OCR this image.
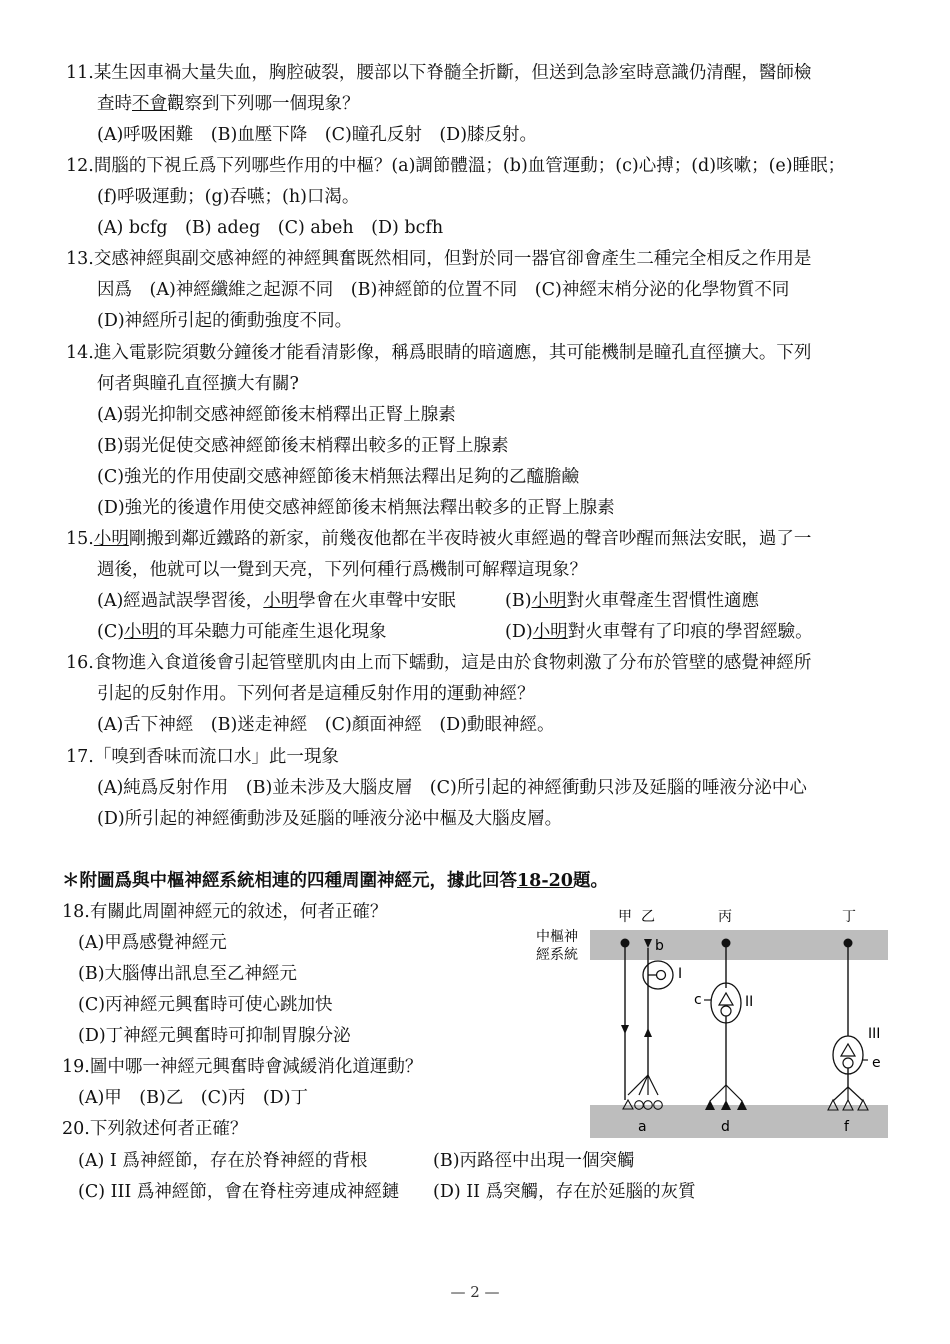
11.某生因車禍大量失血，胸腔破裂，腰部以下脊髓全折斷，但送到急診室時意識仍清醒，醫師檢
查時不會觀察到下列哪一個現象？
(A)呼吸困難　(B)血壓下降　(C)瞳孔反射　(D)膝反射。
12.間腦的下視丘爲下列哪些作用的中樞？(a)調節體溫；(b)血管運動；(c)心搏；(d)咳嗽；(e)睡眠；
(f)呼吸運動；(g)吞嚥；(h)口渴。
(A) bcfg　(B) adeg　(C) abeh　(D) bcfh
13.交感神經與副交感神經的神經興奮既然相同，但對於同一器官卻會產生二種完全相反之作用是
因爲　(A)神經纖維之起源不同　(B)神經節的位置不同　(C)神經末梢分泌的化學物質不同
(D)神經所引起的衝動強度不同。
14.進入電影院須數分鐘後才能看清影像，稱爲眼睛的暗適應，其可能機制是瞳孔直徑擴大。下列
何者與瞳孔直徑擴大有關?
(A)弱光抑制交感神經節後末梢釋出正腎上腺素
(B)弱光促使交感神經節後末梢釋出較多的正腎上腺素
(C)強光的作用使副交感神經節後末梢無法釋出足夠的乙醯膽鹼
(D)強光的後遺作用使交感神經節後末梢無法釋出較多的正腎上腺素
15.小明剛搬到鄰近鐵路的新家，前幾夜他都在半夜時被火車經過的聲音吵醒而無法安眠，過了一
週後，他就可以一覺到天亮，下列何種行爲機制可解釋這現象？
(A)經過試誤學習後，小明學會在火車聲中安眠	(B)小明對火車聲產生習慣性適應
(C)小明的耳朵聽力可能產生退化現象	(D)小明對火車聲有了印痕的學習經驗。
16.食物進入食道後會引起管壁肌肉由上而下蠕動，這是由於食物刺激了分布於管壁的感覺神經所
引起的反射作用。下列何者是這種反射作用的運動神經？
(A)舌下神經　(B)迷走神經　(C)顏面神經　(D)動眼神經。
17.「嗅到香味而流口水」此一現象
(A)純爲反射作用　(B)並未涉及大腦皮層　(C)所引起的神經衝動只涉及延腦的唾液分泌中心
(D)所引起的神經衝動涉及延腦的唾液分泌中樞及大腦皮層。
＊附圖爲與中樞神經系統相連的四種周圍神經元，據此回答18-20題。
18.有關此周圍神經元的敘述，何者正確？
(A)甲爲感覺神經元
(B)大腦傳出訊息至乙神經元
(C)丙神經元興奮時可使心跳加快
(D)丁神經元興奮時可抑制胃腺分泌
19.圖中哪一神經元興奮時會減緩消化道運動？
(A)甲　(B)乙　(C)丙　(D)丁
20.下列敘述何者正確？
(A) I 爲神經節，存在於脊神經的背根	(B)丙路徑中出現一個突觸
(C) III 爲神經節，會在脊柱旁連成神經鏈 (D) II 爲突觸，存在於延腦的灰質
甲 乙	丙	丁
中樞神
經系統
b
I
a
c	II
d
III
e
f
— 2 —
